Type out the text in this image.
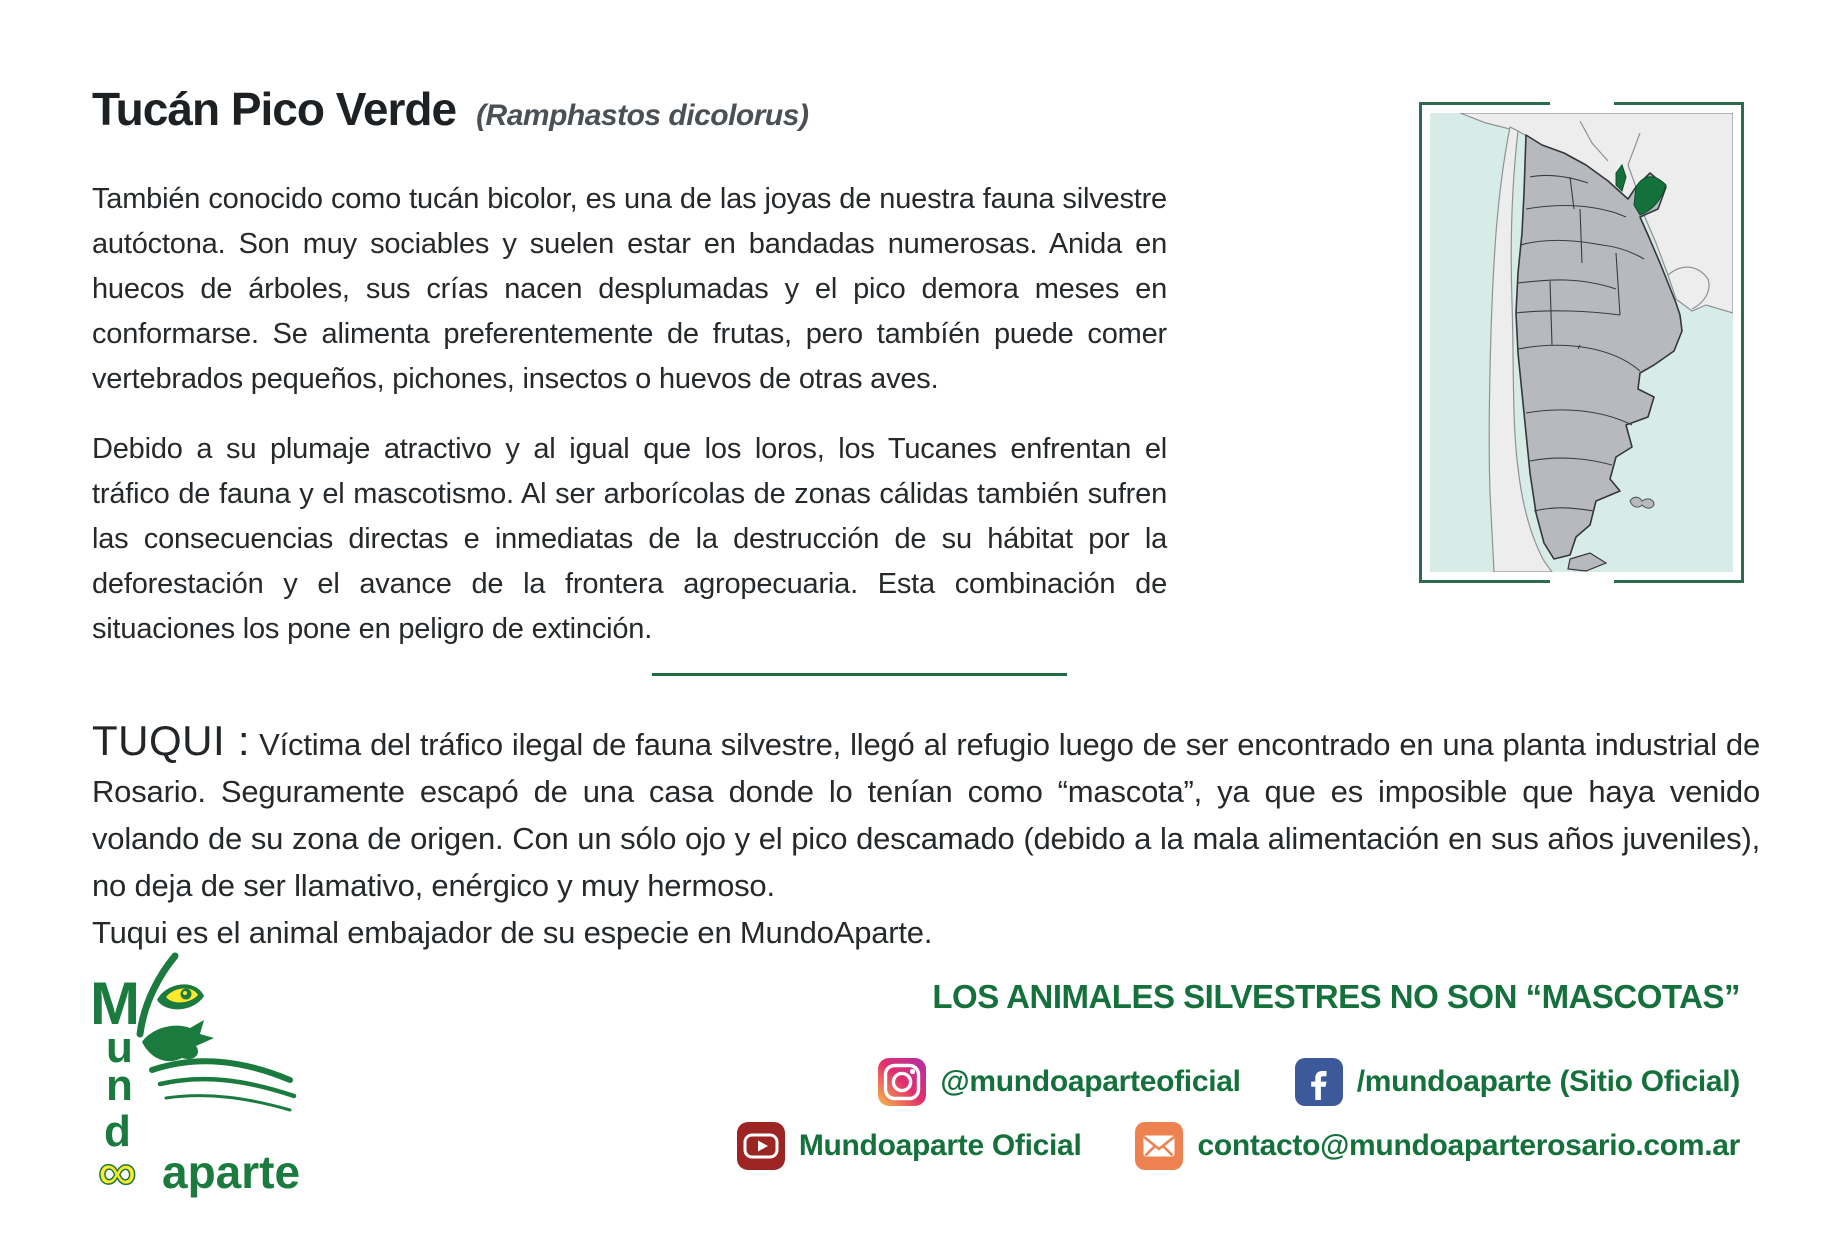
Tucán Pico Verde (Ramphastos dicolorus)

También conocido como tucán bicolor, es una de las joyas de nuestra fauna silvestre autóctona. Son muy sociables y suelen estar en bandadas numerosas. Anida en huecos de árboles, sus crías nacen desplumadas y el pico demora meses en conformarse. Se alimenta preferentemente de frutas, pero tambíén puede comer vertebrados pequeños, pichones, insectos o huevos de otras aves.

Debido a su plumaje atractivo y al igual que los loros, los Tucanes enfrentan el tráfico de fauna y el mascotismo. Al ser arborícolas de zonas cálidas también sufren las consecuencias directas e inmediatas de la destrucción de su hábitat por la deforestación y el avance de la frontera agropecuaria. Esta combinación de situaciones los pone en peligro de extinción.

TUQUI : Víctima del tráfico ilegal de fauna silvestre, llegó al refugio luego de ser encontrado en una planta industrial de Rosario. Seguramente escapó de una casa donde lo tenían como “mascota”, ya que es imposible que haya venido volando de su zona de origen. Con un sólo ojo y el pico descamado (debido a la mala alimentación en sus años juveniles), no deja de ser llamativo, enérgico y muy hermoso.
Tuqui es el animal embajador de su especie en MundoAparte.

M
u
n
d
∞ aparte
LOS ANIMALES SILVESTRES NO SON “MASCOTAS”
@mundoaparteoficial	/mundoaparte (Sitio Oficial)
Mundoaparte Oficial	contacto@mundoaparterosario.com.ar
